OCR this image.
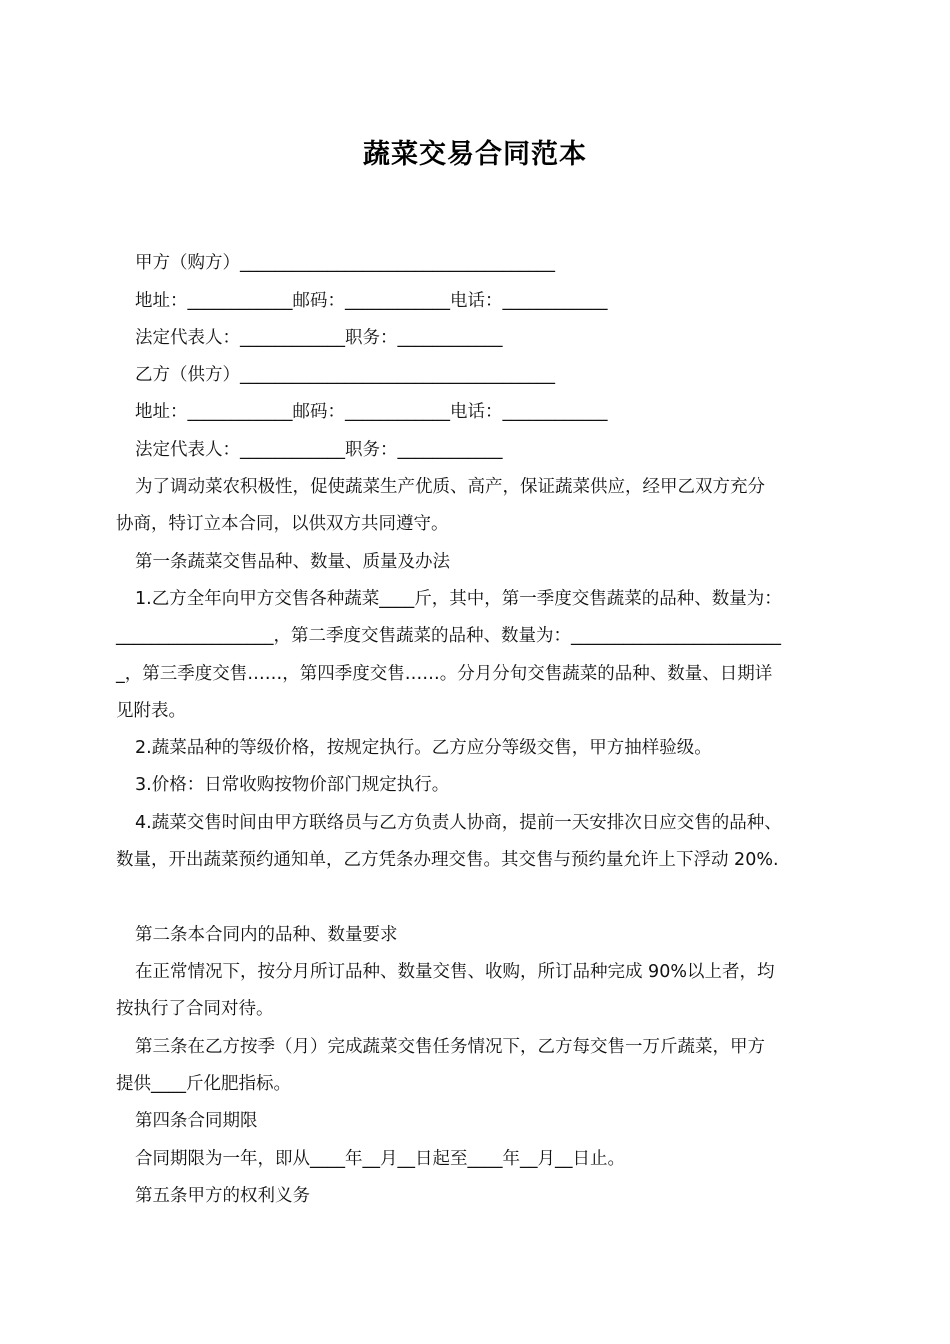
蔬菜交易合同范本
甲方（购方）____________________________________
地址：____________邮码：____________电话：____________
法定代表人：____________职务：____________
乙方（供方）____________________________________
地址：____________邮码：____________电话：____________
法定代表人：____________职务：____________
为了调动菜农积极性，促使蔬菜生产优质、高产，保证蔬菜供应，经甲乙双方充分
协商，特订立本合同，以供双方共同遵守。
第一条蔬菜交售品种、数量、质量及办法
1.乙方全年向甲方交售各种蔬菜____斤，其中，第一季度交售蔬菜的品种、数量为：
__________________，第二季度交售蔬菜的品种、数量为：________________________
_，第三季度交售……，第四季度交售……。分月分旬交售蔬菜的品种、数量、日期详
见附表。
2.蔬菜品种的等级价格，按规定执行。乙方应分等级交售，甲方抽样验级。
3.价格：日常收购按物价部门规定执行。
4.蔬菜交售时间由甲方联络员与乙方负责人协商，提前一天安排次日应交售的品种、
数量，开出蔬菜预约通知单，乙方凭条办理交售。其交售与预约量允许上下浮动 20%.
第二条本合同内的品种、数量要求
在正常情况下，按分月所订品种、数量交售、收购，所订品种完成 90%以上者，均
按执行了合同对待。
第三条在乙方按季（月）完成蔬菜交售任务情况下，乙方每交售一万斤蔬菜，甲方
提供____斤化肥指标。
第四条合同期限
合同期限为一年，即从____年__月__日起至____年__月__日止。
第五条甲方的权利义务
